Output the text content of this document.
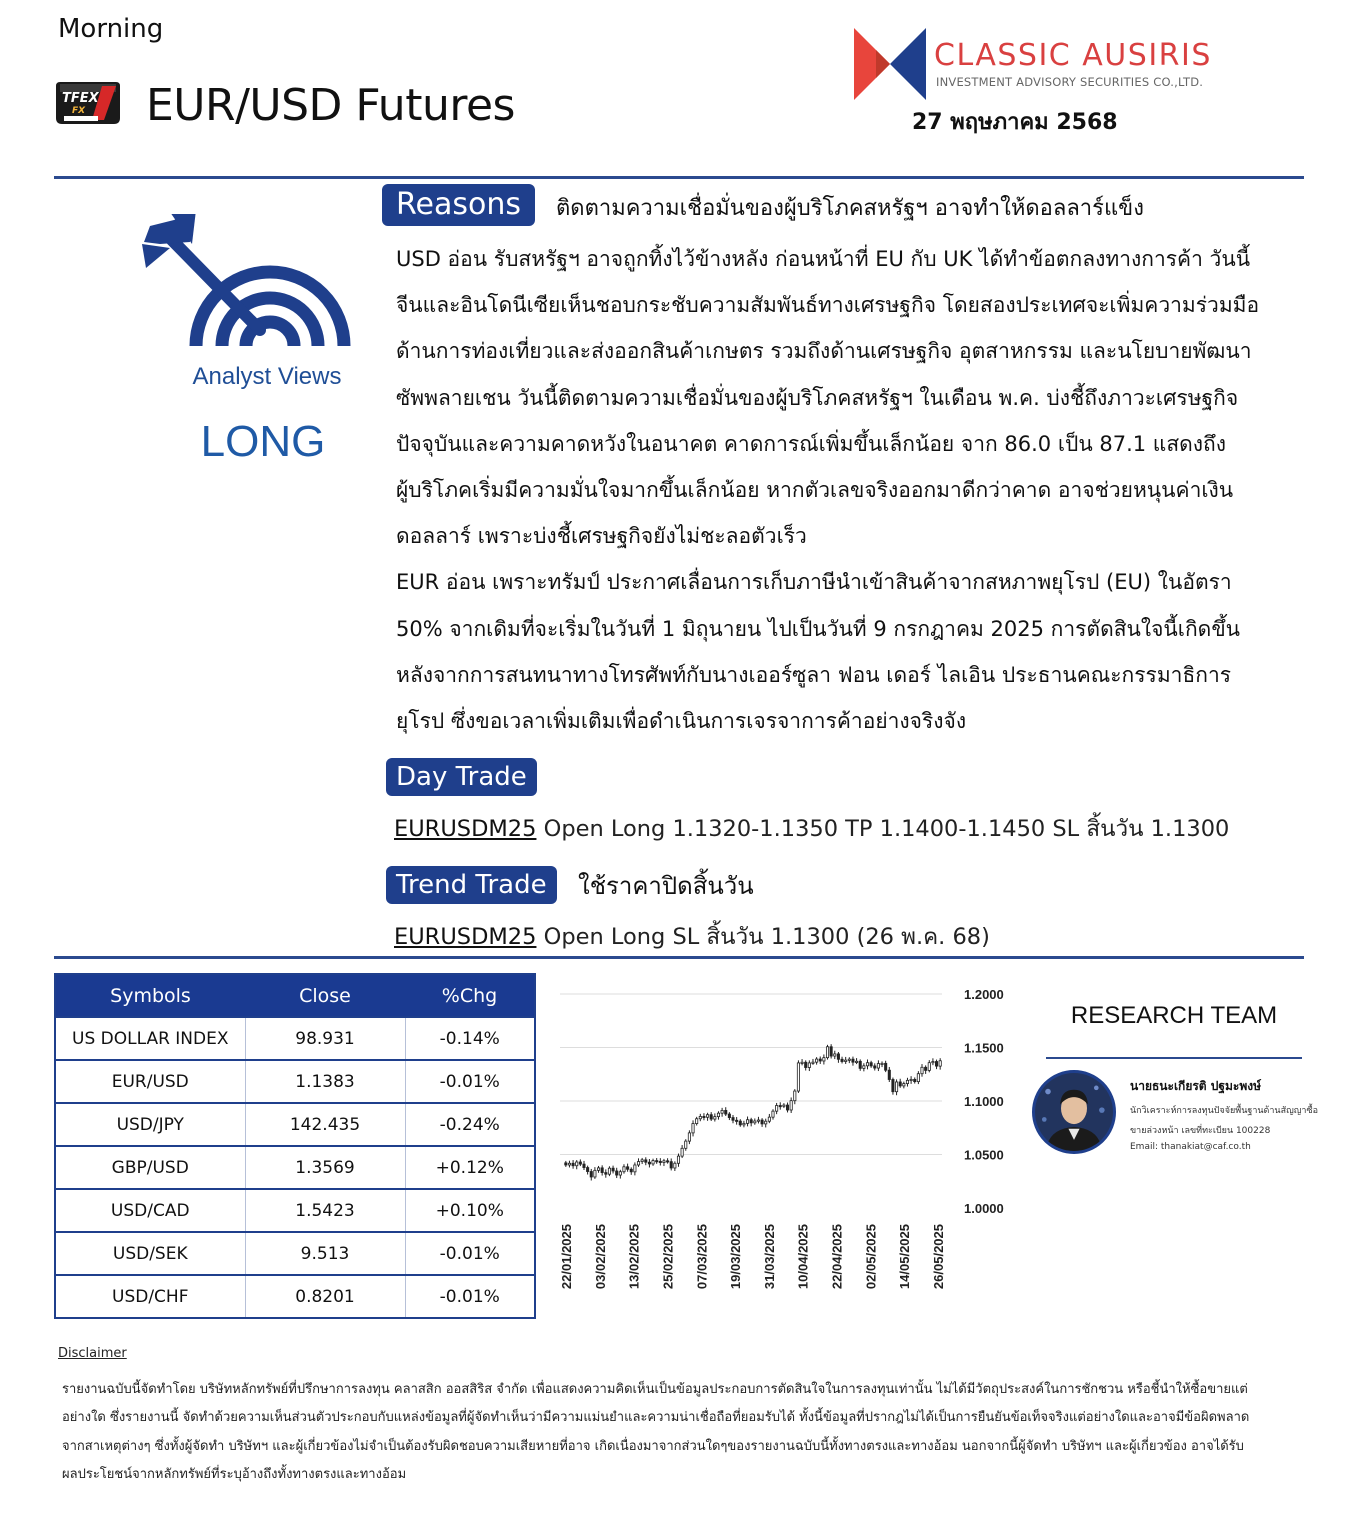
Morning
TFEX
FX EUR/USD Futures
CLASSIC AUSIRIS
INVESTMENT ADVISORY SECURITIES CO.,LTD.
27 พฤษภาคม 2568
Analyst Views
LONG
Reasons	ติดตามความเชื่อมั่นของผู้บริโภคสหรัฐฯ อาจทำให้ดอลลาร์แข็ง

USD อ่อน รับสหรัฐฯ อาจถูกทิ้งไว้ข้างหลัง ก่อนหน้าที่ EU กับ UK ได้ทำข้อตกลงทางการค้า วันนี้

จีนและอินโดนีเซียเห็นชอบกระชับความสัมพันธ์ทางเศรษฐกิจ โดยสองประเทศจะเพิ่มความร่วมมือ

ด้านการท่องเที่ยวและส่งออกสินค้าเกษตร รวมถึงด้านเศรษฐกิจ อุตสาหกรรม และนโยบายพัฒนา

ซัพพลายเชน วันนี้ติดตามความเชื่อมั่นของผู้บริโภคสหรัฐฯ ในเดือน พ.ค. บ่งชี้ถึงภาวะเศรษฐกิจ

ปัจจุบันและความคาดหวังในอนาคต คาดการณ์เพิ่มขึ้นเล็กน้อย จาก 86.0 เป็น 87.1 แสดงถึง

ผู้บริโภคเริ่มมีความมั่นใจมากขึ้นเล็กน้อย หากตัวเลขจริงออกมาดีกว่าคาด อาจช่วยหนุนค่าเงิน

ดอลลาร์ เพราะบ่งชี้เศรษฐกิจยังไม่ชะลอตัวเร็ว

EUR อ่อน เพราะทรัมป์ ประกาศเลื่อนการเก็บภาษีนำเข้าสินค้าจากสหภาพยุโรป (EU) ในอัตรา

50% จากเดิมที่จะเริ่มในวันที่ 1 มิถุนายน ไปเป็นวันที่ 9 กรกฎาคม 2025 การตัดสินใจนี้เกิดขึ้น

หลังจากการสนทนาทางโทรศัพท์กับนางเออร์ซูลา ฟอน เดอร์ ไลเอิน ประธานคณะกรรมาธิการ

ยุโรป ซึ่งขอเวลาเพิ่มเติมเพื่อดำเนินการเจรจาการค้าอย่างจริงจัง

Day Trade
EURUSDM25 Open Long 1.1320-1.1350 TP 1.1400-1.1450 SL สิ้นวัน 1.1300
Trend Trade	ใช้ราคาปิดสิ้นวัน
EURUSDM25 Open Long SL สิ้นวัน 1.1300 (26 พ.ค. 68)
Symbols	Close	%Chg
US DOLLAR INDEX	98.931	-0.14%
EUR/USD	1.1383	-0.01%
USD/JPY	142.435	-0.24%
GBP/USD	1.3569	+0.12%
USD/CAD	1.5423	+0.10%
USD/SEK	9.513	-0.01%
USD/CHF	0.8201	-0.01%
1.2000
1.1500
1.1000
1.0500
1.0000
22/01/2025 03/02/2025 13/02/2025 25/02/2025 07/03/2025 19/03/2025 31/03/2025 10/04/2025 22/04/2025 02/05/2025 14/05/2025 26/05/2025
RESEARCH TEAM
นายธนะเกียรติ ปฐมะพงษ์
นักวิเคราะห์การลงทุนปัจจัยพื้นฐานด้านสัญญาซื้อ
ขายล่วงหน้า เลขที่ทะเบียน 100228
Email: thanakiat@caf.co.th
Disclaimer

รายงานฉบับนี้จัดทำโดย บริษัทหลักทรัพย์ที่ปรึกษาการลงทุน คลาสสิก ออสสิริส จำกัด เพื่อแสดงความคิดเห็นเป็นข้อมูลประกอบการตัดสินใจในการลงทุนเท่านั้น ไม่ได้มีวัตถุประสงค์ในการชักชวน หรือชี้นำให้ซื้อขายแต่

อย่างใด ซึ่งรายงานนี้ จัดทำด้วยความเห็นส่วนตัวประกอบกับแหล่งข้อมูลที่ผู้จัดทำเห็นว่ามีความแม่นยำและความน่าเชื่อถือที่ยอมรับได้ ทั้งนี้ข้อมูลที่ปรากฎไม่ได้เป็นการยืนยันข้อเท็จจริงแต่อย่างใดและอาจมีข้อผิดพลาด

จากสาเหตุต่างๆ ซึ่งทั้งผู้จัดทำ บริษัทฯ และผู้เกี่ยวข้องไม่จำเป็นต้องรับผิดชอบความเสียหายที่อาจ เกิดเนื่องมาจากส่วนใดๆของรายงานฉบับนี้ทั้งทางตรงและทางอ้อม นอกจากนี้ผู้จัดทำ บริษัทฯ และผู้เกี่ยวข้อง อาจได้รับ

ผลประโยชน์จากหลักทรัพย์ที่ระบุอ้างถึงทั้งทางตรงและทางอ้อม
